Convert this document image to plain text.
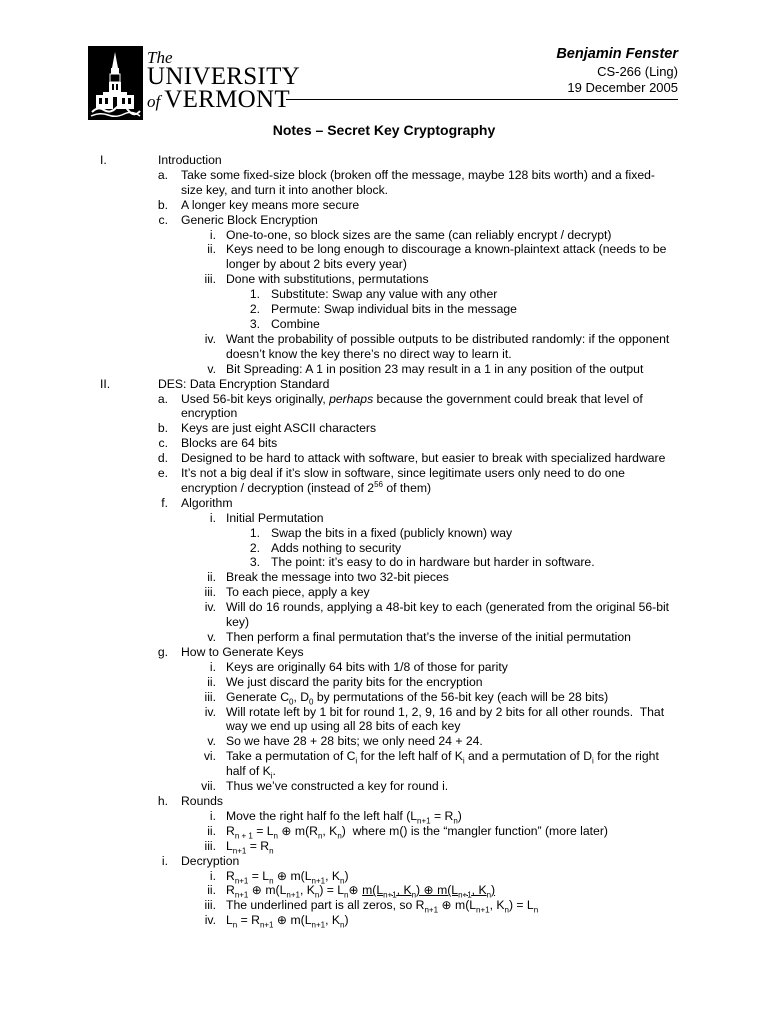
The
UNIVERSITY
of VERMONT
Benjamin Fenster
CS-266 (Ling)
19 December 2005
Notes – Secret Key Cryptography
I.	Introduction
a. Take some fixed-size block (broken off the message, maybe 128 bits worth) and a fixed-size key, and turn it into another block.
b. A longer key means more secure
c. Generic Block Encryption
i. One-to-one, so block sizes are the same (can reliably encrypt / decrypt)
ii. Keys need to be long enough to discourage a known-plaintext attack (needs to be longer by about 2 bits every year)
iii. Done with substitutions, permutations
1. Substitute: Swap any value with any other
2. Permute: Swap individual bits in the message
3. Combine
iv. Want the probability of possible outputs to be distributed randomly: if the opponent doesn’t know the key there’s no direct way to learn it.
v. Bit Spreading: A 1 in position 23 may result in a 1 in any position of the output
II.	DES: Data Encryption Standard
a. Used 56-bit keys originally, perhaps because the government could break that level of encryption
b. Keys are just eight ASCII characters
c. Blocks are 64 bits
d. Designed to be hard to attack with software, but easier to break with specialized hardware
e. It’s not a big deal if it’s slow in software, since legitimate users only need to do one encryption / decryption (instead of $2^{56}$ of them)
f. Algorithm
i. Initial Permutation
1. Swap the bits in a fixed (publicly known) way
2. Adds nothing to security
3. The point: it’s easy to do in hardware but harder in software.
ii. Break the message into two 32-bit pieces
iii. To each piece, apply a key
iv. Will do 16 rounds, applying a 48-bit key to each (generated from the original 56-bit key)
v. Then perform a final permutation that’s the inverse of the initial permutation
g. How to Generate Keys
i. Keys are originally 64 bits with 1/8 of those for parity
ii. We just discard the parity bits for the encryption
iii. Generate $C_0$, $D_0$ by permutations of the 56-bit key (each will be 28 bits)
iv. Will rotate left by 1 bit for round 1, 2, 9, 16 and by 2 bits for all other rounds.  That way we end up using all 28 bits of each key
v. So we have 28 + 28 bits; we only need 24 + 24.
vi. Take a permutation of $C_i$ for the left half of $K_i$ and a permutation of $D_i$ for the right half of $K_i$.
vii. Thus we’ve constructed a key for round i.
h. Rounds
i. Move the right half fo the left half $(L_{n+1} = R_n)$
ii. $R_{n + 1} = L_n$ ⊕ $m(R_n$, $K_n$)  where m() is the “mangler function” (more later)
iii. $L_{n+1} = R_n$
i. Decryption
i. $R_{n+1} = L_n$ ⊕ $m(L_{n+1}$, $K_n$)
ii. $R_{n+1}$ ⊕ $m(L_{n+1}$, $K_n$) = $L_n\oplus$ $m(L_{n+1}$, $K_n$) ⊕ $m(L_{n+1}$, $K_n$)
iii. The underlined part is all zeros, so $R_{n+1}$ ⊕ $m(L_{n+1}$, $K_n) = L_n$
iv. $L_n = R_{n+1}$ ⊕ $m(L_{n+1}$, $K_n$)
